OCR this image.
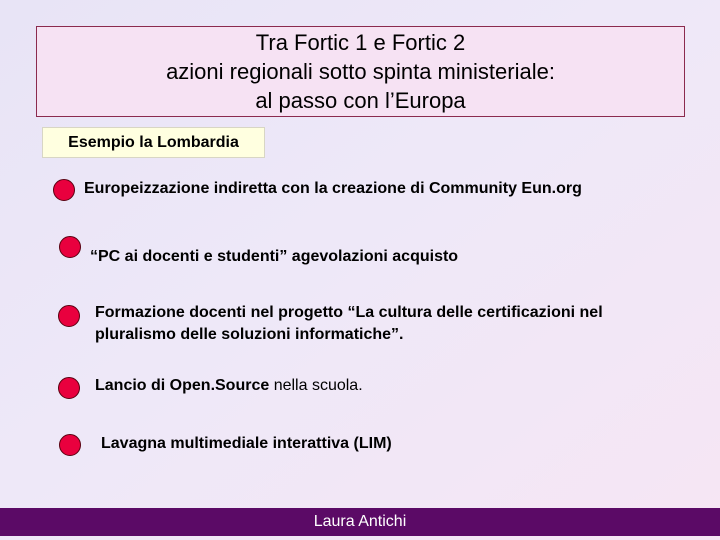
Tra Fortic 1 e Fortic 2
azioni regionali sotto spinta ministeriale:
al passo con l’Europa
Esempio la Lombardia
Europeizzazione indiretta con la creazione di Community Eun.org
“PC ai docenti e studenti” agevolazioni acquisto
Formazione docenti nel progetto “La cultura delle certificazioni nel
pluralismo delle soluzioni informatiche”.
Lancio di Open.Source nella scuola.
Lavagna multimediale interattiva (LIM)
Laura Antichi
